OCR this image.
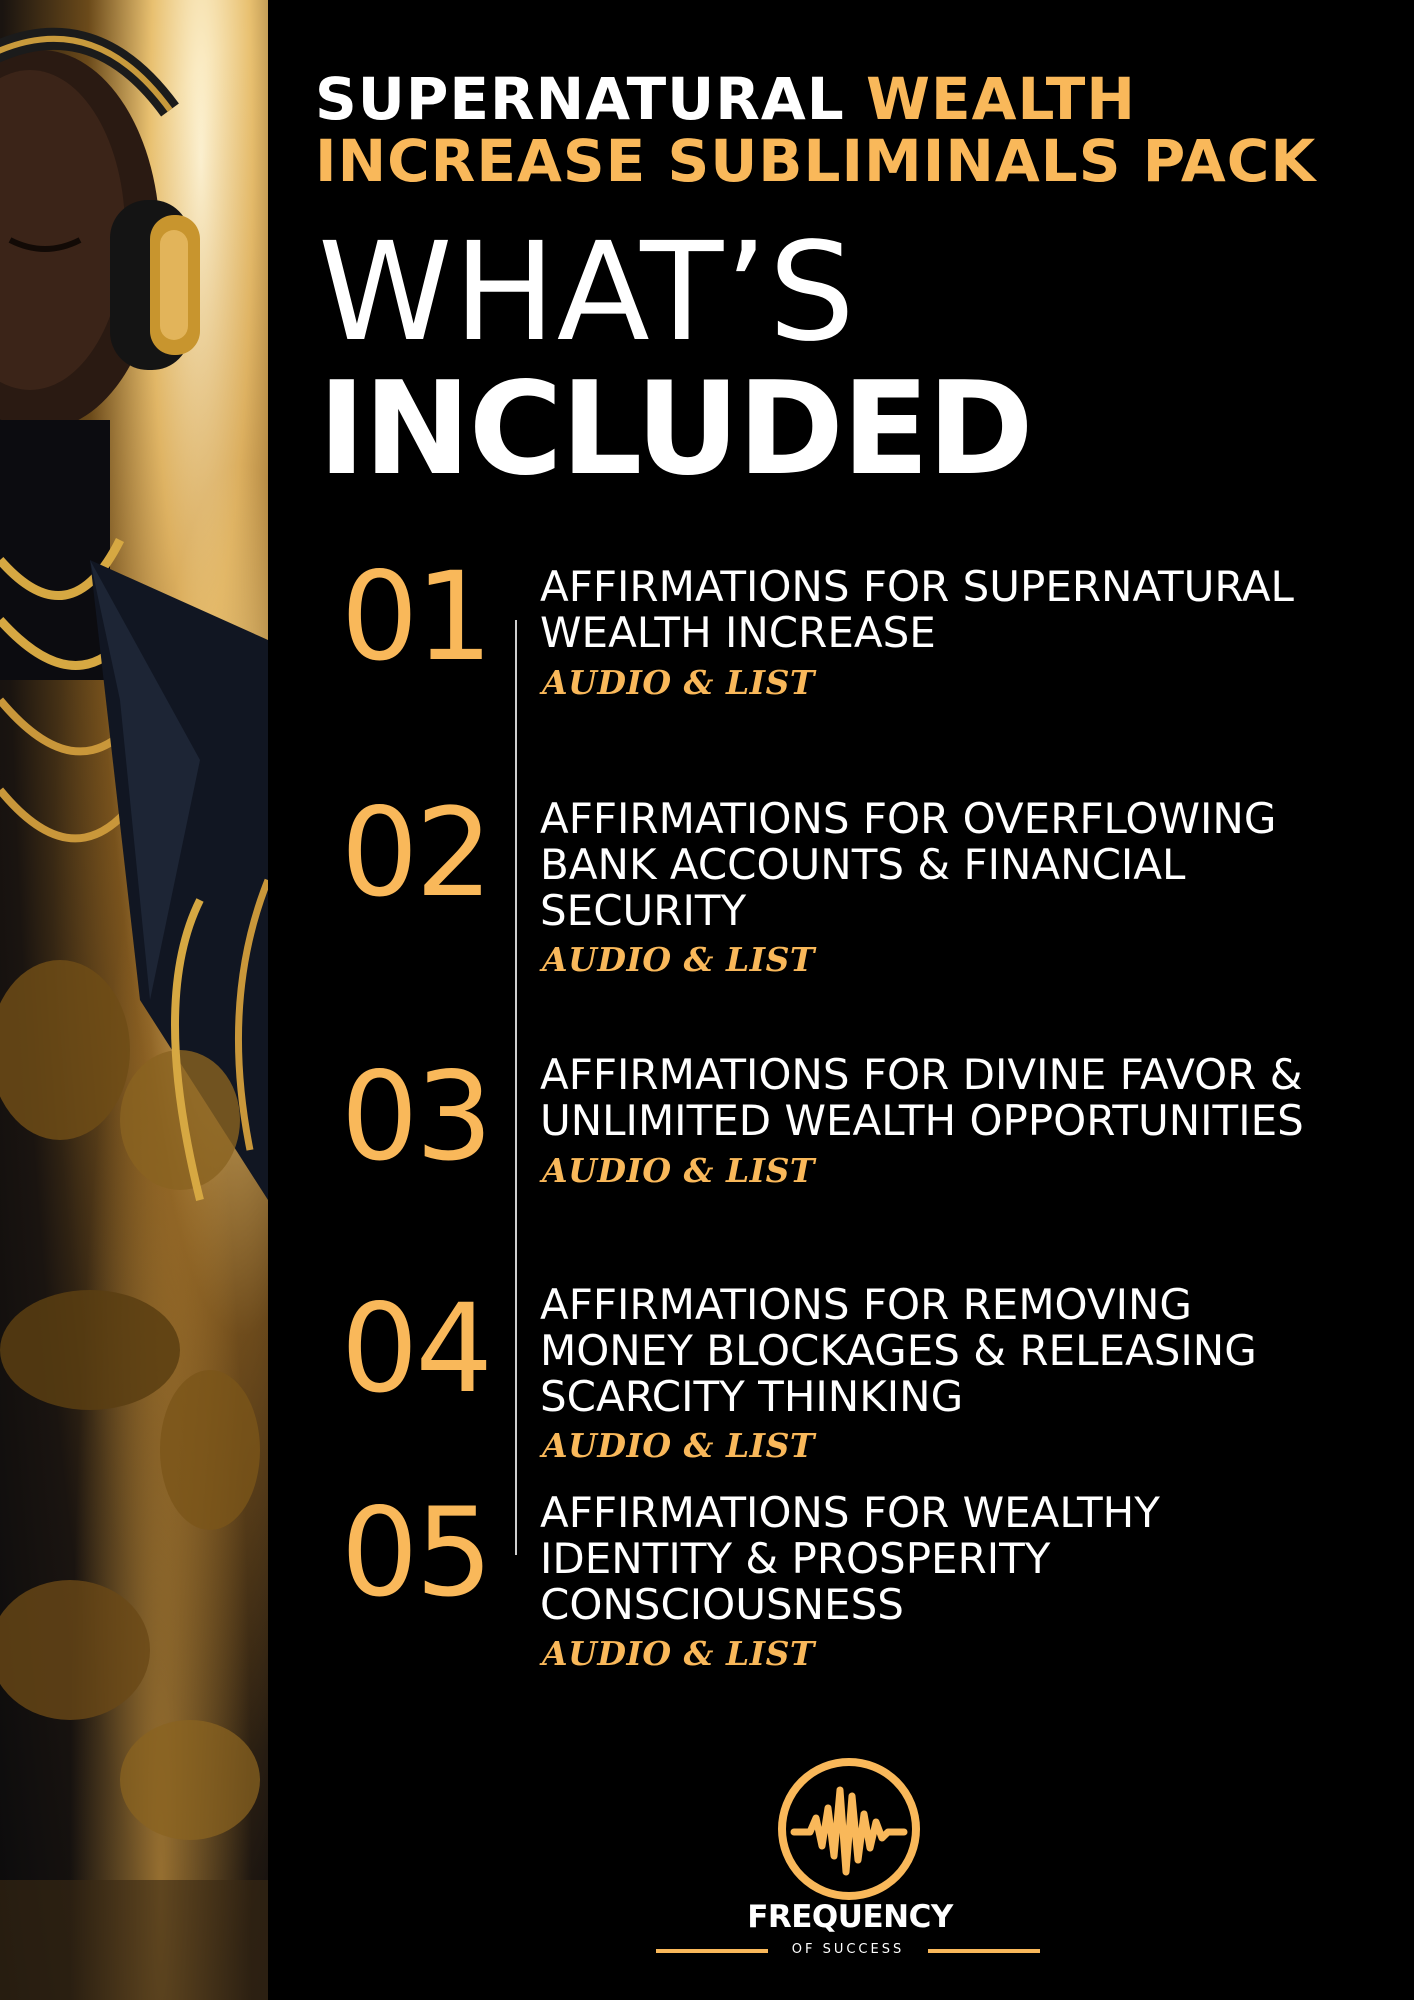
SUPERNATURAL WEALTH
INCREASE SUBLIMINALS PACK
WHAT’S
INCLUDED
01 AFFIRMATIONS FOR SUPERNATURAL
WEALTH INCREASE
AUDIO & LIST
02 AFFIRMATIONS FOR OVERFLOWING
BANK ACCOUNTS & FINANCIAL
SECURITY
AUDIO & LIST
03 AFFIRMATIONS FOR DIVINE FAVOR &
UNLIMITED WEALTH OPPORTUNITIES
AUDIO & LIST
04 AFFIRMATIONS FOR REMOVING
MONEY BLOCKAGES & RELEASING
SCARCITY THINKING
AUDIO & LIST
05 AFFIRMATIONS FOR WEALTHY
IDENTITY & PROSPERITY
CONSCIOUSNESS
AUDIO & LIST
FREQUENCY
OF SUCCESS
